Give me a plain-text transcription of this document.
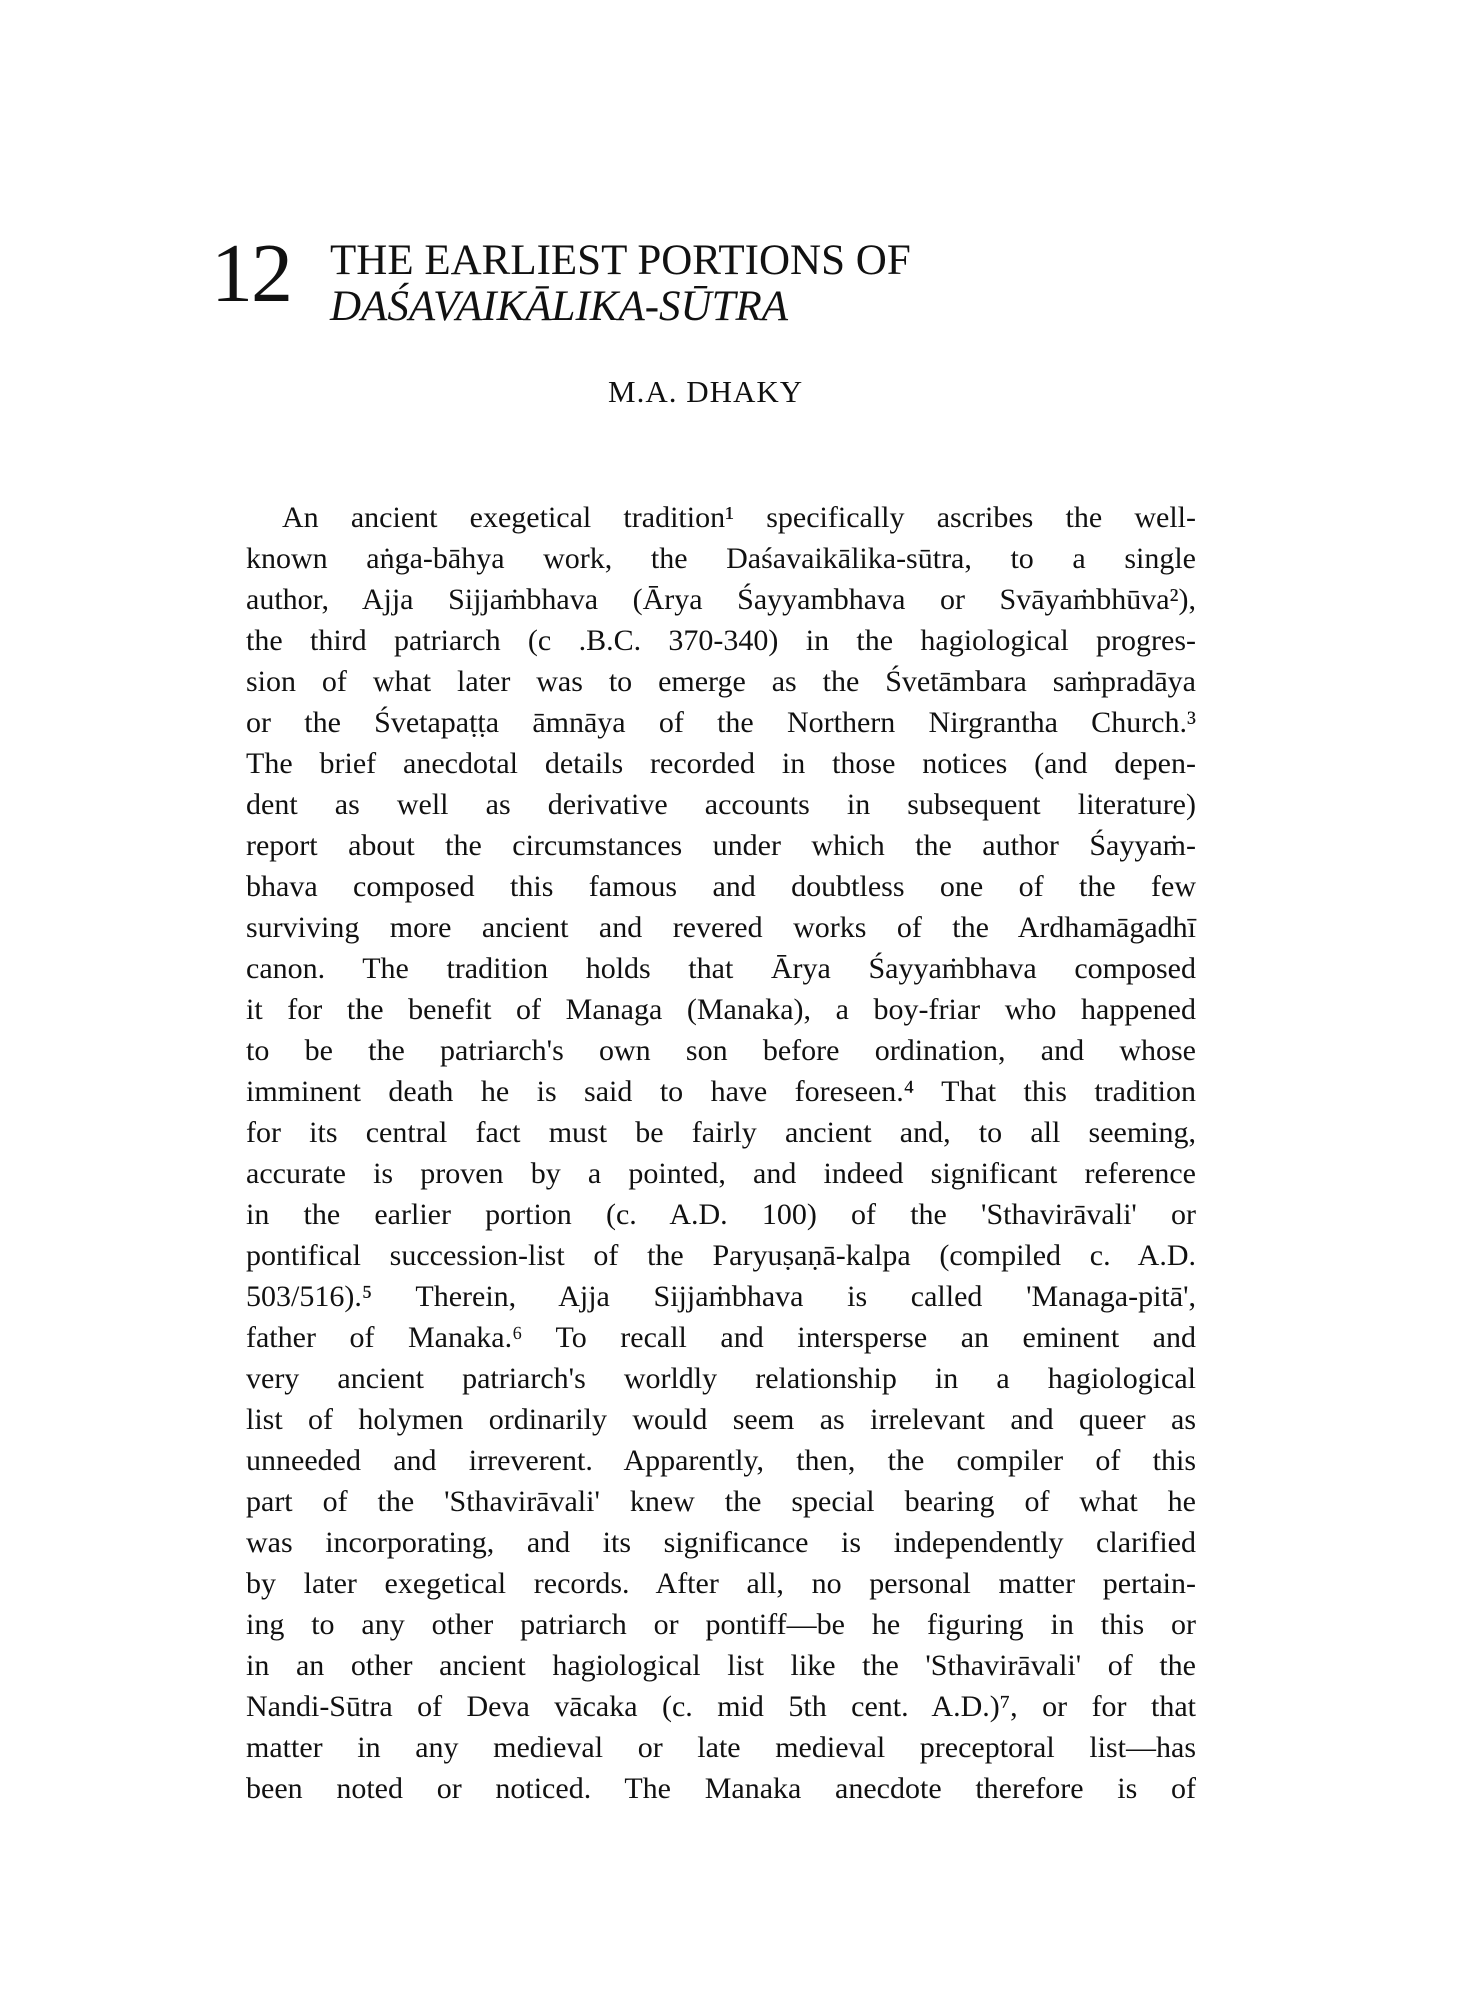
12 THE EARLIEST PORTIONS OF
DAŚAVAIKĀLIKA-SŪTRA
M.A. DHAKY
An ancient exegetical tradition¹ specifically ascribes the well-
known aṅga-bāhya work, the Daśavaikālika-sūtra, to a single
author, Ajja Sijjaṁbhava (Ārya Śayyambhava or Svāyaṁbhūva²),
the third patriarch (c .B.C. 370-340) in the hagiological progres-
sion of what later was to emerge as the Śvetāmbara saṁpradāya
or the Śvetapaṭṭa āmnāya of the Northern Nirgrantha Church.³
The brief anecdotal details recorded in those notices (and depen-
dent as well as derivative accounts in subsequent literature)
report about the circumstances under which the author Śayyaṁ-
bhava composed this famous and doubtless one of the few
surviving more ancient and revered works of the Ardhamāgadhī
canon. The tradition holds that Ārya Śayyaṁbhava composed
it for the benefit of Managa (Manaka), a boy-friar who happened
to be the patriarch's own son before ordination, and whose
imminent death he is said to have foreseen.⁴ That this tradition
for its central fact must be fairly ancient and, to all seeming,
accurate is proven by a pointed, and indeed significant reference
in the earlier portion (c. A.D. 100) of the 'Sthavirāvali' or
pontifical succession-list of the Paryuṣaṇā-kalpa (compiled c. A.D.
503/516).⁵ Therein, Ajja Sijjaṁbhava is called 'Managa-pitā',
father of Manaka.⁶ To recall and intersperse an eminent and
very ancient patriarch's worldly relationship in a hagiological
list of holymen ordinarily would seem as irrelevant and queer as
unneeded and irreverent. Apparently, then, the compiler of this
part of the 'Sthavirāvali' knew the special bearing of what he
was incorporating, and its significance is independently clarified
by later exegetical records. After all, no personal matter pertain-
ing to any other patriarch or pontiff—be he figuring in this or
in an other ancient hagiological list like the 'Sthavirāvali' of the
Nandi-Sūtra of Deva vācaka (c. mid 5th cent. A.D.)⁷, or for that
matter in any medieval or late medieval preceptoral list—has
been noted or noticed. The Manaka anecdote therefore is of
